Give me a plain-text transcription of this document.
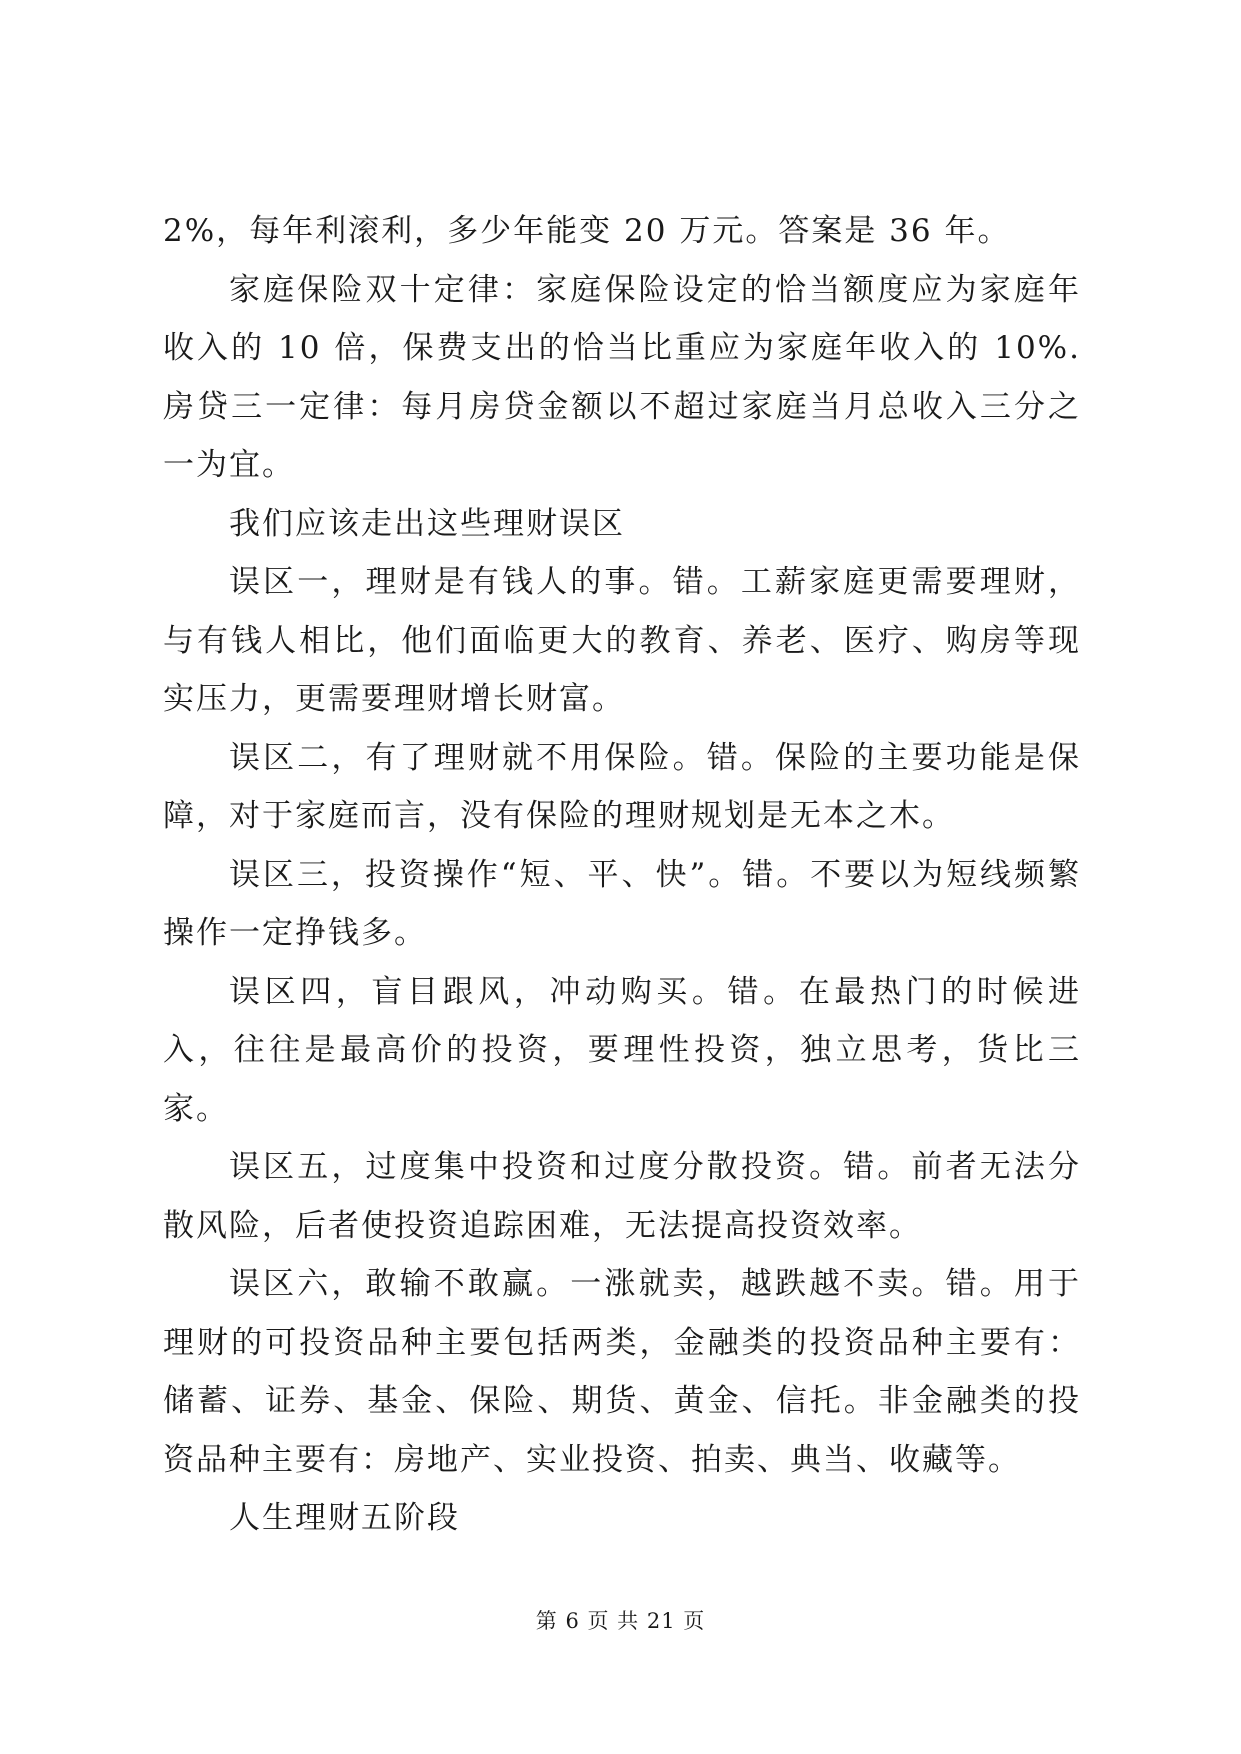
2%，每年利滚利，多少年能变 20 万元。答案是 36 年。

家庭保险双十定律：家庭保险设定的恰当额度应为家庭年收入的 10 倍，保费支出的恰当比重应为家庭年收入的 10%. 房贷三一定律：每月房贷金额以不超过家庭当月总收入三分之一为宜。

我们应该走出这些理财误区

误区一，理财是有钱人的事。错。工薪家庭更需要理财，与有钱人相比，他们面临更大的教育、养老、医疗、购房等现实压力，更需要理财增长财富。

误区二，有了理财就不用保险。错。保险的主要功能是保障，对于家庭而言，没有保险的理财规划是无本之木。

误区三，投资操作“短、平、快”。错。不要以为短线频繁操作一定挣钱多。

误区四，盲目跟风，冲动购买。错。在最热门的时候进入，往往是最高价的投资，要理性投资，独立思考，货比三家。

误区五，过度集中投资和过度分散投资。错。前者无法分散风险，后者使投资追踪困难，无法提高投资效率。

误区六，敢输不敢赢。一涨就卖，越跌越不卖。错。用于理财的可投资品种主要包括两类，金融类的投资品种主要有：储蓄、证券、基金、保险、期货、黄金、信托。非金融类的投资品种主要有：房地产、实业投资、拍卖、典当、收藏等。

人生理财五阶段

第 6 页 共 21 页
